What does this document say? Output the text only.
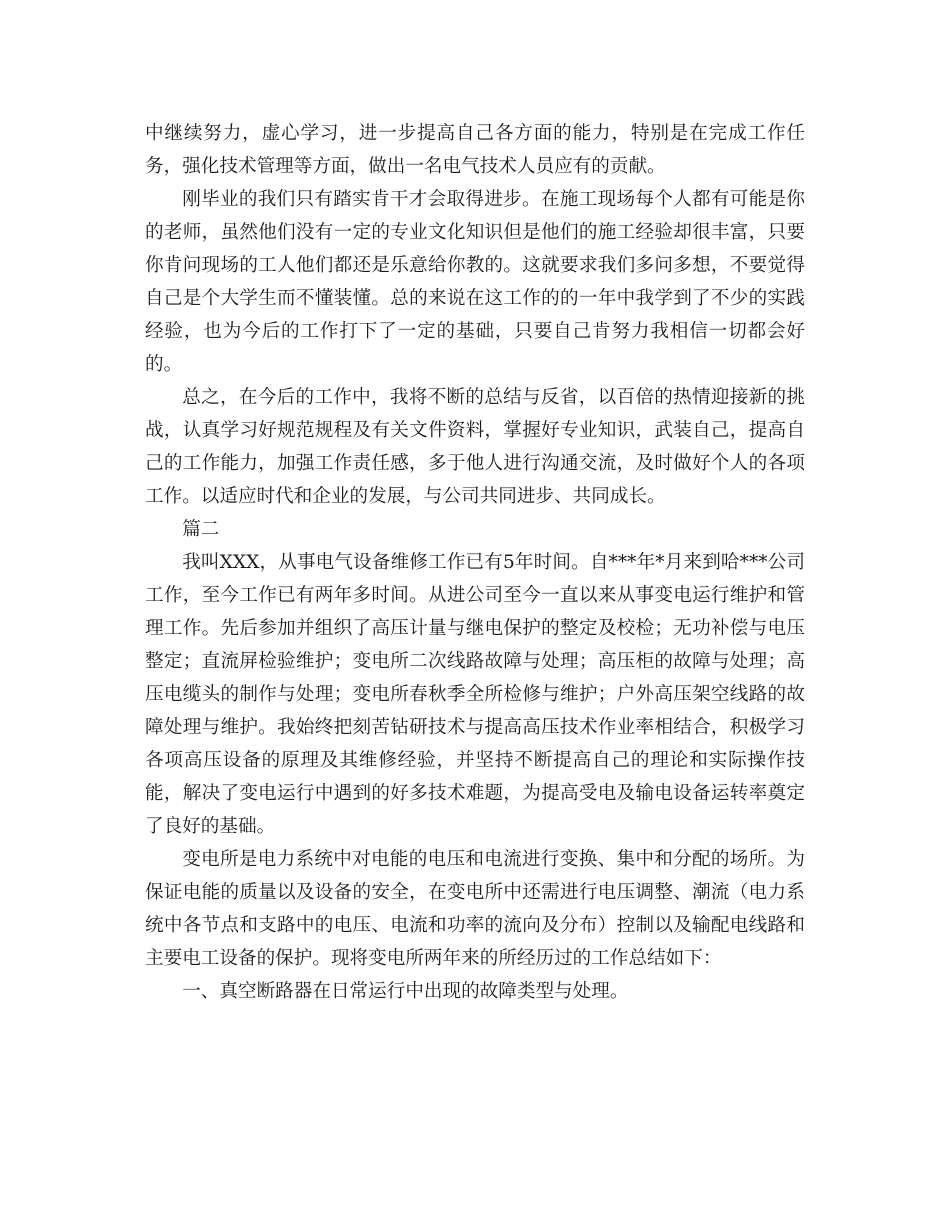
中继续努力，虚心学习，进一步提高自己各方面的能力，特别是在完成工作任务，强化技术管理等方面，做出一名电气技术人员应有的贡献。

刚毕业的我们只有踏实肯干才会取得进步。在施工现场每个人都有可能是你的老师，虽然他们没有一定的专业文化知识但是他们的施工经验却很丰富，只要你肯问现场的工人他们都还是乐意给你教的。这就要求我们多问多想，不要觉得自己是个大学生而不懂装懂。总的来说在这工作的的一年中我学到了不少的实践经验，也为今后的工作打下了一定的基础，只要自己肯努力我相信一切都会好的。

总之，在今后的工作中，我将不断的总结与反省，以百倍的热情迎接新的挑战，认真学习好规范规程及有关文件资料，掌握好专业知识，武装自己，提高自己的工作能力，加强工作责任感，多于他人进行沟通交流，及时做好个人的各项工作。以适应时代和企业的发展，与公司共同进步、共同成长。

篇二

我叫XXX，从事电气设备维修工作已有5年时间。自***年*月来到哈***公司工作，至今工作已有两年多时间。从进公司至今一直以来从事变电运行维护和管理工作。先后参加并组织了高压计量与继电保护的整定及校检；无功补偿与电压整定；直流屏检验维护；变电所二次线路故障与处理；高压柜的故障与处理；高压电缆头的制作与处理；变电所春秋季全所检修与维护；户外高压架空线路的故障处理与维护。我始终把刻苦钻研技术与提高高压技术作业率相结合，积极学习各项高压设备的原理及其维修经验，并坚持不断提高自己的理论和实际操作技能，解决了变电运行中遇到的好多技术难题，为提高受电及输电设备运转率奠定了良好的基础。

变电所是电力系统中对电能的电压和电流进行变换、集中和分配的场所。为保证电能的质量以及设备的安全，在变电所中还需进行电压调整、潮流（电力系统中各节点和支路中的电压、电流和功率的流向及分布）控制以及输配电线路和主要电工设备的保护。现将变电所两年来的所经历过的工作总结如下：

一、真空断路器在日常运行中出现的故障类型与处理。
